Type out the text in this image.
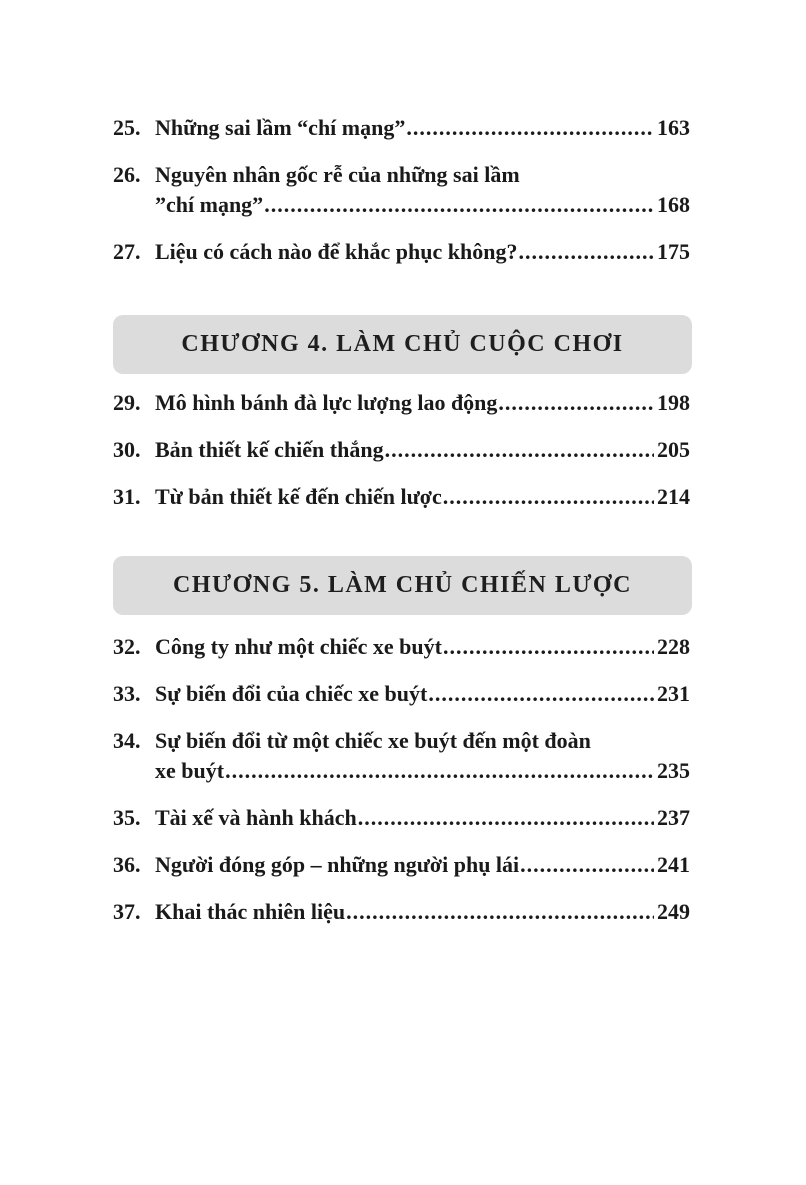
25. Những sai lầm “chí mạng” .....	163
26. Nguyên nhân gốc rễ của những sai lầm
”chí mạng” .....	168
27. Liệu có cách nào để khắc phục không? .....	175
CHƯƠNG 4. LÀM CHỦ CUỘC CHƠI
29. Mô hình bánh đà lực lượng lao động .....	198
30. Bản thiết kế chiến thắng .....	205
31. Từ bản thiết kế đến chiến lược .....	214
CHƯƠNG 5. LÀM CHỦ CHIẾN LƯỢC
32. Công ty như một chiếc xe buýt .....	228
33. Sự biến đổi của chiếc xe buýt .....	231
34. Sự biến đổi từ một chiếc xe buýt đến một đoàn
xe buýt .....	235
35. Tài xế và hành khách .....	237
36. Người đóng góp – những người phụ lái .....	241
37. Khai thác nhiên liệu .....	249
